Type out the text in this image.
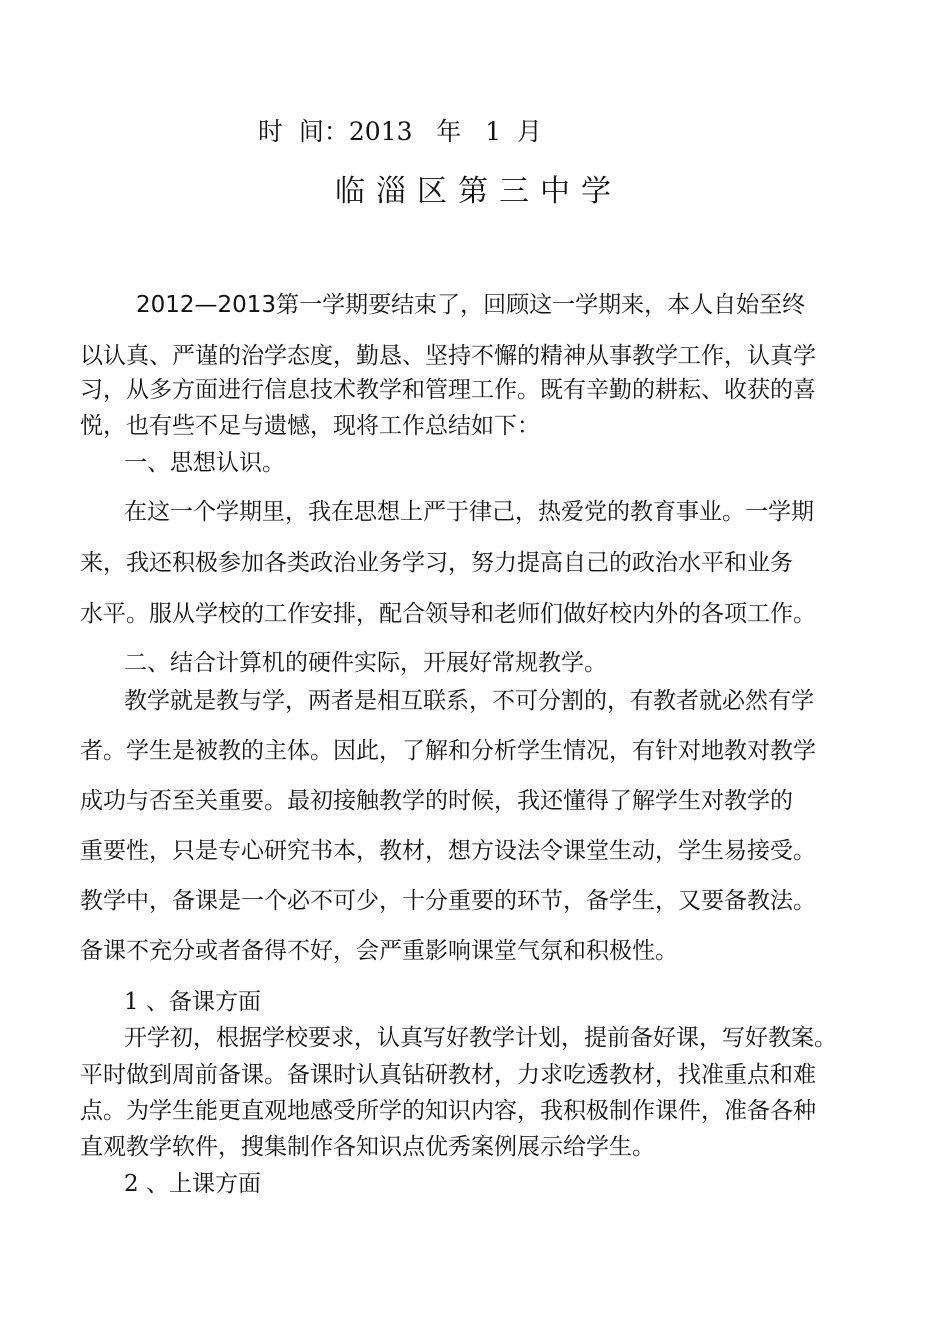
时  间：2013   年   1  月
临淄区第三中学
2012—2013第一学期要结束了，回顾这一学期来，本人自始至终
以认真、严谨的治学态度，勤恳、坚持不懈的精神从事教学工作，认真学
习，从多方面进行信息技术教学和管理工作。既有辛勤的耕耘、收获的喜
悦，也有些不足与遗憾，现将工作总结如下：
一、思想认识。
在这一个学期里，我在思想上严于律己，热爱党的教育事业。一学期
来，我还积极参加各类政治业务学习，努力提高自己的政治水平和业务
水平。服从学校的工作安排，配合领导和老师们做好校内外的各项工作。
二、结合计算机的硬件实际，开展好常规教学。
教学就是教与学，两者是相互联系，不可分割的，有教者就必然有学
者。学生是被教的主体。因此，了解和分析学生情况，有针对地教对教学
成功与否至关重要。最初接触教学的时候，我还懂得了解学生对教学的
重要性，只是专心研究书本，教材，想方设法令课堂生动，学生易接受。
教学中，备课是一个必不可少，十分重要的环节，备学生，又要备教法。
备课不充分或者备得不好，会严重影响课堂气氛和积极性。
1 、备课方面
开学初，根据学校要求，认真写好教学计划，提前备好课，写好教案。
平时做到周前备课。备课时认真钻研教材，力求吃透教材，找准重点和难
点。为学生能更直观地感受所学的知识内容，我积极制作课件，准备各种
直观教学软件，搜集制作各知识点优秀案例展示给学生。
2 、上课方面
